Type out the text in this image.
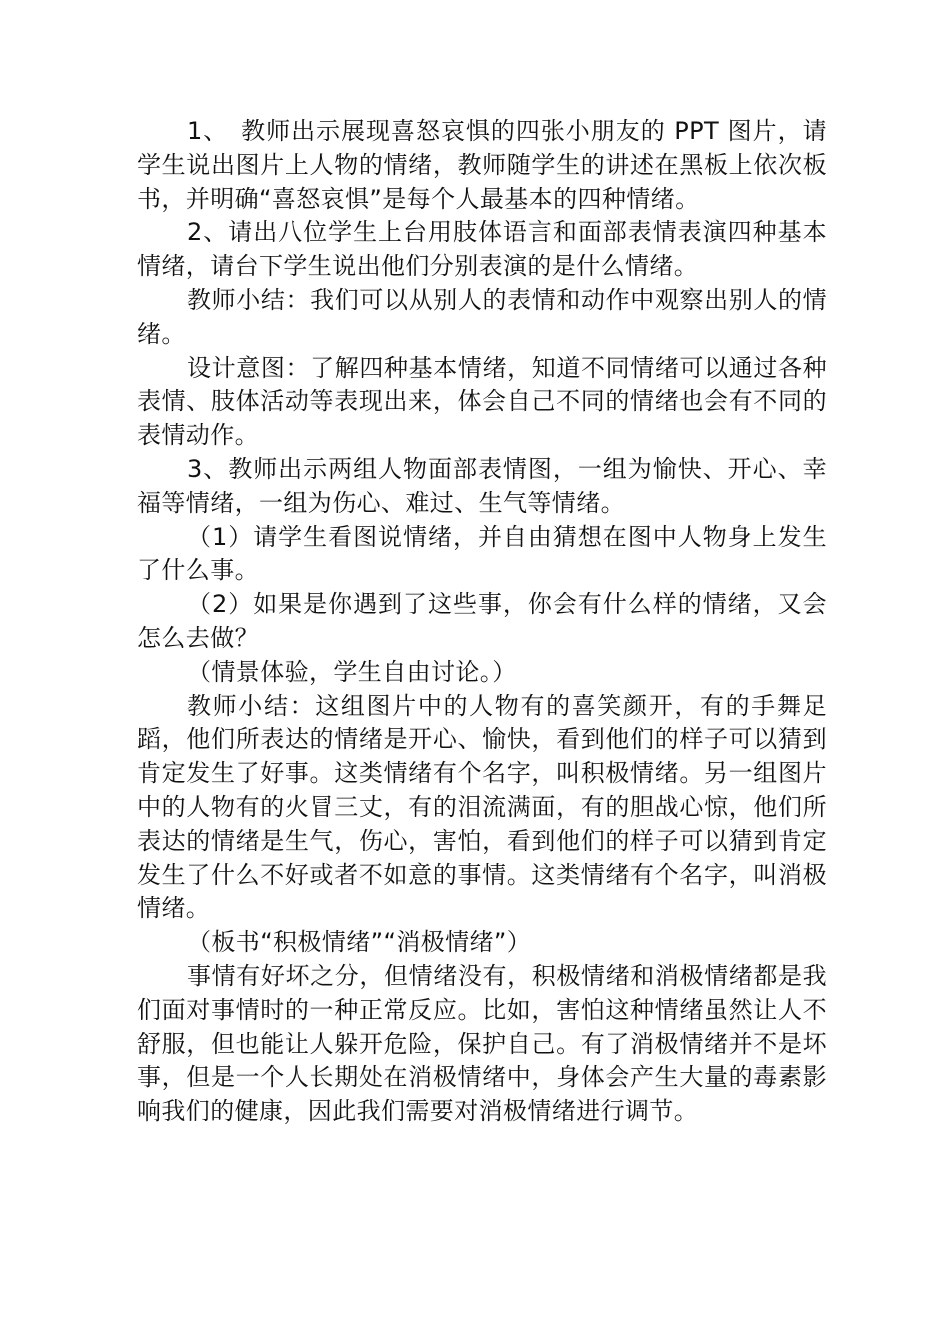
1、　教师出示展现喜怒哀惧的四张小朋友的 PPT 图片，请学生说出图片上人物的情绪，教师随学生的讲述在黑板上依次板书，并明确“喜怒哀惧”是每个人最基本的四种情绪。

2、请出八位学生上台用肢体语言和面部表情表演四种基本情绪，请台下学生说出他们分别表演的是什么情绪。

教师小结：我们可以从别人的表情和动作中观察出别人的情绪。

设计意图：了解四种基本情绪，知道不同情绪可以通过各种表情、肢体活动等表现出来，体会自己不同的情绪也会有不同的表情动作。

3、教师出示两组人物面部表情图，一组为愉快、开心、幸福等情绪，一组为伤心、难过、生气等情绪。

（1）请学生看图说情绪，并自由猜想在图中人物身上发生了什么事。

（2）如果是你遇到了这些事，你会有什么样的情绪，又会怎么去做？

（情景体验，学生自由讨论。）

教师小结：这组图片中的人物有的喜笑颜开，有的手舞足蹈，他们所表达的情绪是开心、愉快，看到他们的样子可以猜到肯定发生了好事。这类情绪有个名字，叫积极情绪。另一组图片中的人物有的火冒三丈，有的泪流满面，有的胆战心惊，他们所表达的情绪是生气，伤心，害怕，看到他们的样子可以猜到肯定发生了什么不好或者不如意的事情。这类情绪有个名字，叫消极情绪。

（板书“积极情绪”“消极情绪”）

事情有好坏之分，但情绪没有，积极情绪和消极情绪都是我们面对事情时的一种正常反应。比如，害怕这种情绪虽然让人不舒服，但也能让人躲开危险，保护自己。有了消极情绪并不是坏事，但是一个人长期处在消极情绪中，身体会产生大量的毒素影响我们的健康，因此我们需要对消极情绪进行调节。
